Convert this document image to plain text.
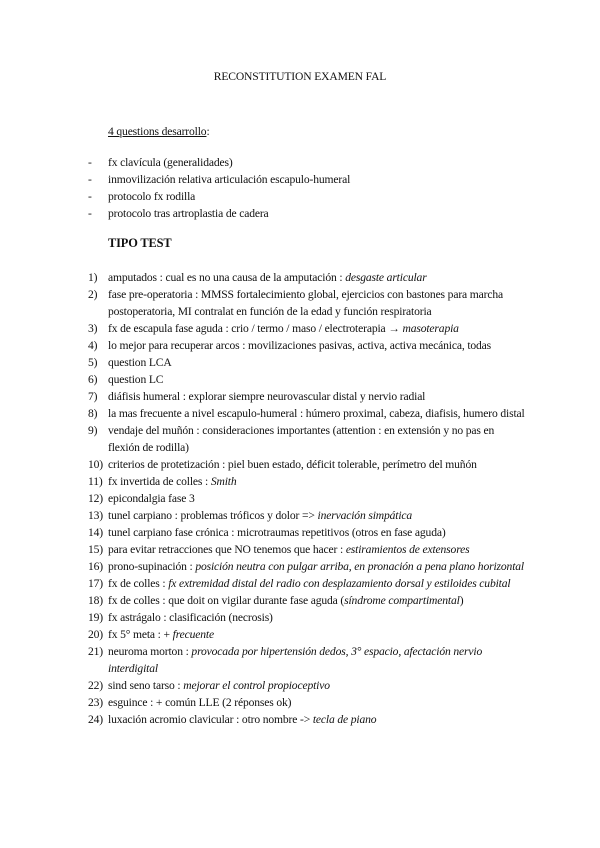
RECONSTITUTION EXAMEN FAL
4 questions desarrollo:
- fx clavícula (generalidades)
- inmovilización relativa articulación escapulo-humeral
- protocolo fx rodilla
- protocolo tras artroplastia de cadera
TIPO TEST
1) amputados : cual es no una causa de la amputación : desgaste articular
2) fase pre-operatoria : MMSS fortalecimiento global, ejercicios con bastones para marcha postoperatoria, MI contralat en función de la edad y función respiratoria
3) fx de escapula fase aguda : crio / termo / maso / electroterapia → masoterapia
4) lo mejor para recuperar arcos : movilizaciones pasivas, activa, activa mecánica, todas
5) question LCA
6) question LC
7) diáfisis humeral : explorar siempre neurovascular distal y nervio radial
8) la mas frecuente a nivel escapulo-humeral : húmero proximal, cabeza, diafisis, humero distal
9) vendaje del muñón : consideraciones importantes (attention : en extensión y no pas en flexión de rodilla)
10) criterios de protetización : piel buen estado, déficit tolerable, perímetro del muñón
11) fx invertida de colles : Smith
12) epicondalgia fase 3
13) tunel carpiano : problemas tróficos y dolor => inervación simpática
14) tunel carpiano fase crónica : microtraumas repetitivos (otros en fase aguda)
15) para evitar retracciones que NO tenemos que hacer : estiramientos de extensores
16) prono-supinación : posición neutra con pulgar arriba, en pronación a pena plano horizontal
17) fx de colles : fx extremidad distal del radio con desplazamiento dorsal y estiloides cubital
18) fx de colles : que doit on vigilar durante fase aguda (síndrome compartimental)
19) fx astrágalo : clasificación (necrosis)
20) fx 5° meta : + frecuente
21) neuroma morton : provocada por hipertensión dedos, 3° espacio, afectación nervio interdigital
22) sind seno tarso : mejorar el control propioceptivo
23) esguince : + común LLE (2 réponses ok)
24) luxación acromio clavicular : otro nombre -> tecla de piano
